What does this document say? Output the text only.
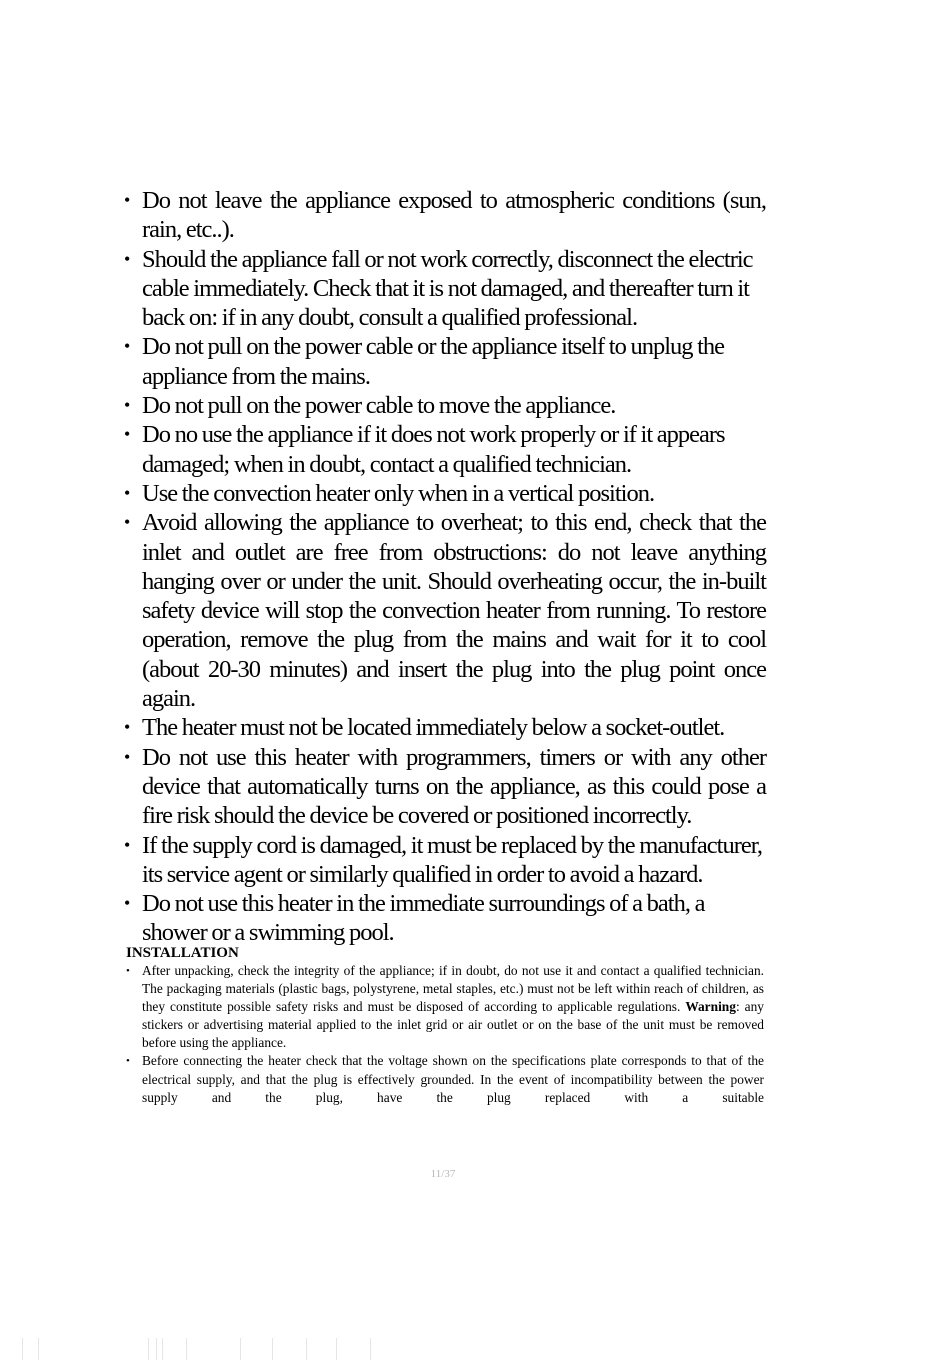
• Do not leave the appliance exposed to atmospheric conditions (sun, rain, etc..).
• Should the appliance fall or not work correctly, disconnect the electric cable immediately. Check that it is not damaged, and thereafter turn it back on: if in any doubt, consult a qualified professional.
• Do not pull on the power cable or the appliance itself to unplug the appliance from the mains.
• Do not pull on the power cable to move the appliance.
• Do no use the appliance if it does not work properly or if it appears damaged; when in doubt, contact a qualified technician.
• Use the convection heater only when in a vertical position.
• Avoid allowing the appliance to overheat; to this end, check that the inlet and outlet are free from obstructions: do not leave anything hanging over or under the unit. Should overheating occur, the in-built safety device will stop the convection heater from running. To restore operation, remove the plug from the mains and wait for it to cool (about 20-30 minutes) and insert the plug into the plug point once again.
• The heater must not be located immediately below a socket-outlet.
• Do not use this heater with programmers, timers or with any other device that automatically turns on the appliance, as this could pose a fire risk should the device be covered or positioned incorrectly.
• If the supply cord is damaged, it must be replaced by the manufacturer, its service agent or similarly qualified in order to avoid a hazard.
• Do not use this heater in the immediate surroundings of a bath, a shower or a swimming pool.
INSTALLATION
• After unpacking, check the integrity of the appliance; if in doubt, do not use it and contact a qualified technician. The packaging materials (plastic bags, polystyrene, metal staples, etc.) must not be left within reach of children, as they constitute possible safety risks and must be disposed of according to applicable regulations. Warning: any stickers or advertising material applied to the inlet grid or air outlet or on the base of the unit must be removed before using the appliance.
• Before connecting the heater check that the voltage shown on the specifications plate corresponds to that of the electrical supply, and that the plug is effectively grounded. In the event of incompatibility between the power supply and the plug, have the plug replaced with a suitable
11/37
